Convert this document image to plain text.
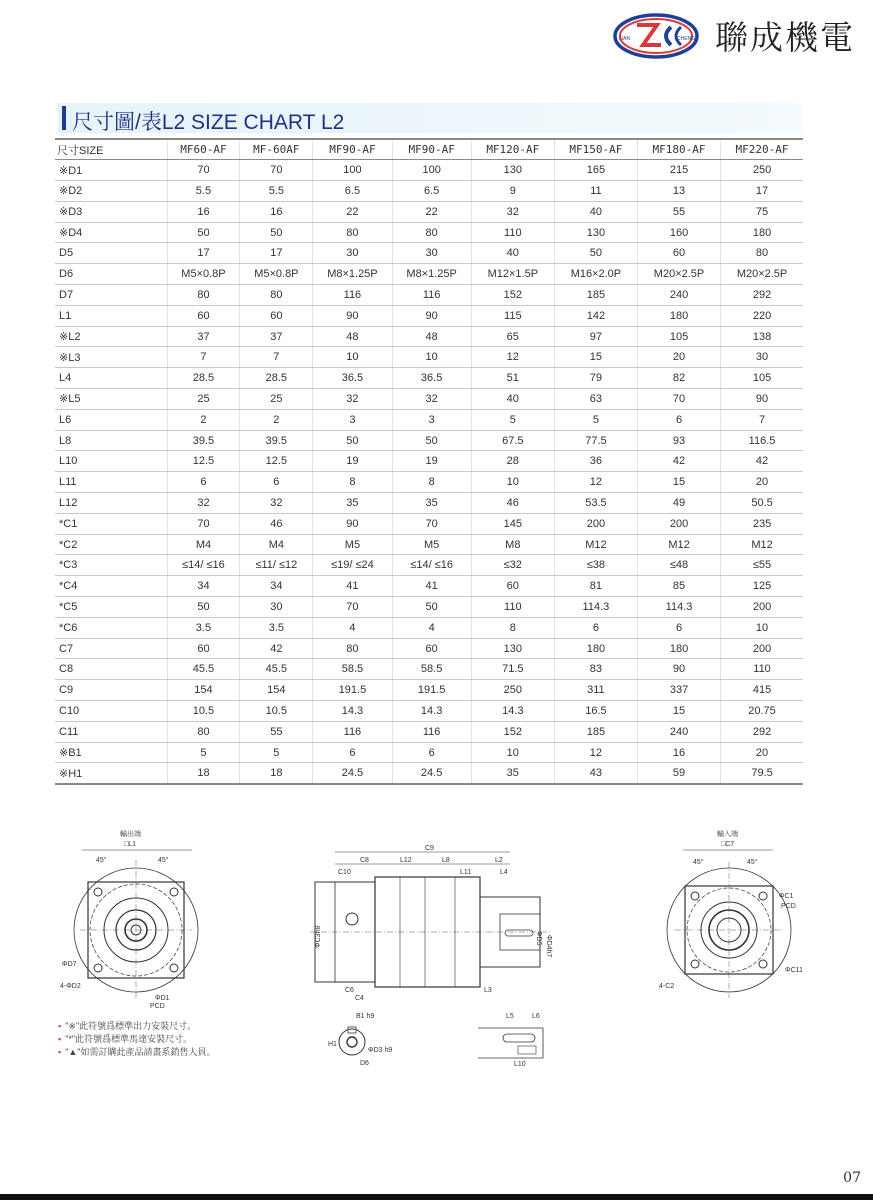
LIAN	CHENG 聯成機電
尺寸圖/表L2 SIZE CHART L2
尺寸SIZE	MF60-AF	MF-60AF	MF90-AF	MF90-AF	MF120-AF	MF150-AF	MF180-AF	MF220-AF
※D1	70	70	100	100	130	165	215	250
※D2	5.5	5.5	6.5	6.5	9	11	13	17
※D3	16	16	22	22	32	40	55	75
※D4	50	50	80	80	110	130	160	180
D5	17	17	30	30	40	50	60	80
D6	M5×0.8P	M5×0.8P	M8×1.25P	M8×1.25P	M12×1.5P	M16×2.0P	M20×2.5P	M20×2.5P
D7	80	80	116	116	152	185	240	292
L1	60	60	90	90	115	142	180	220
※L2	37	37	48	48	65	97	105	138
※L3	7	7	10	10	12	15	20	30
L4	28.5	28.5	36.5	36.5	51	79	82	105
※L5	25	25	32	32	40	63	70	90
L6	2	2	3	3	5	5	6	7
L8	39.5	39.5	50	50	67.5	77.5	93	116.5
L10	12.5	12.5	19	19	28	36	42	42
L11	6	6	8	8	10	12	15	20
L12	32	32	35	35	46	53.5	49	50.5
*C1	70	46	90	70	145	200	200	235
*C2	M4	M4	M5	M5	M8	M12	M12	M12
*C3	≤14/ ≤16	≤11/ ≤12	≤19/ ≤24	≤14/ ≤16	≤32	≤38	≤48	≤55
*C4	34	34	41	41	60	81	85	125
*C5	50	30	70	50	110	114.3	114.3	200
*C6	3.5	3.5	4	4	8	6	6	10
C7	60	42	80	60	130	180	180	200
C8	45.5	45.5	58.5	58.5	71.5	83	90	110
C9	154	154	191.5	191.5	250	311	337	415
C10	10.5	10.5	14.3	14.3	14.3	16.5	15	20.75
C11	80	55	116	116	152	185	240	292
※B1	5	5	6	6	10	12	16	20
※H1	18	18	24.5	24.5	35	43	59	79.5
輸出端
□L1
45°	45°
ΦD7
4-ΦD2
ΦD1
PCD
C9
C8	L12	L8	L2
C10	L11	L4
ΦC3h8	ΦD5 ΦD4h7
C6
C4
L3
輸入端
□C7
45°	45°
ΦC1
PCD
ΦC11
4-C2
B1 h9
H1
ΦD3 h9
D6
L5	L6
L10
▪ "※"此符號爲標準出力安裝尺寸。
▪ "*"此符號爲標準馬達安裝尺寸。
▪ "▲"如需訂購此產品請畫系銷售人員。
07
